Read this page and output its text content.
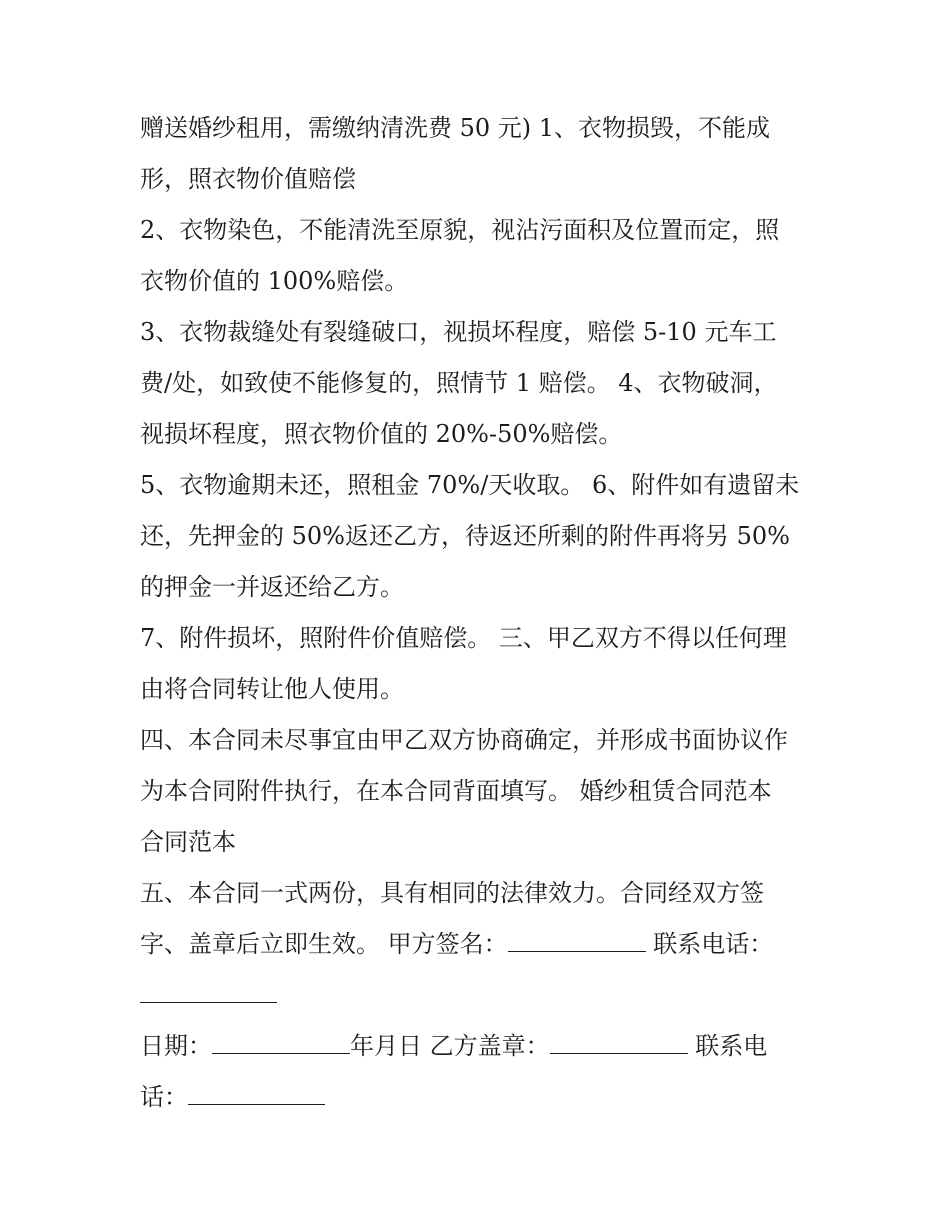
赠送婚纱租用，需缴纳清洗费 50 元) 1、衣物损毁，不能成
形，照衣物价值赔偿
2、衣物染色，不能清洗至原貌，视沾污面积及位置而定，照
衣物价值的 100%赔偿。
3、衣物裁缝处有裂缝破口，视损坏程度，赔偿 5-10 元车工
费/处，如致使不能修复的，照情节 1 赔偿。 4、衣物破洞，
视损坏程度，照衣物价值的 20%-50%赔偿。
5、衣物逾期未还，照租金 70%/天收取。 6、附件如有遗留未
还，先押金的 50%返还乙方，待返还所剩的附件再将另 50%
的押金一并返还给乙方。
7、附件损坏，照附件价值赔偿。 三、甲乙双方不得以任何理
由将合同转让他人使用。
四、本合同未尽事宜由甲乙双方协商确定，并形成书面协议作
为本合同附件执行，在本合同背面填写。 婚纱租赁合同范本
合同范本
五、本合同一式两份，具有相同的法律效力。合同经双方签
字、盖章后立即生效。 甲方签名：	联系电话：
日期：	年月日 乙方盖章：	联系电
话：
